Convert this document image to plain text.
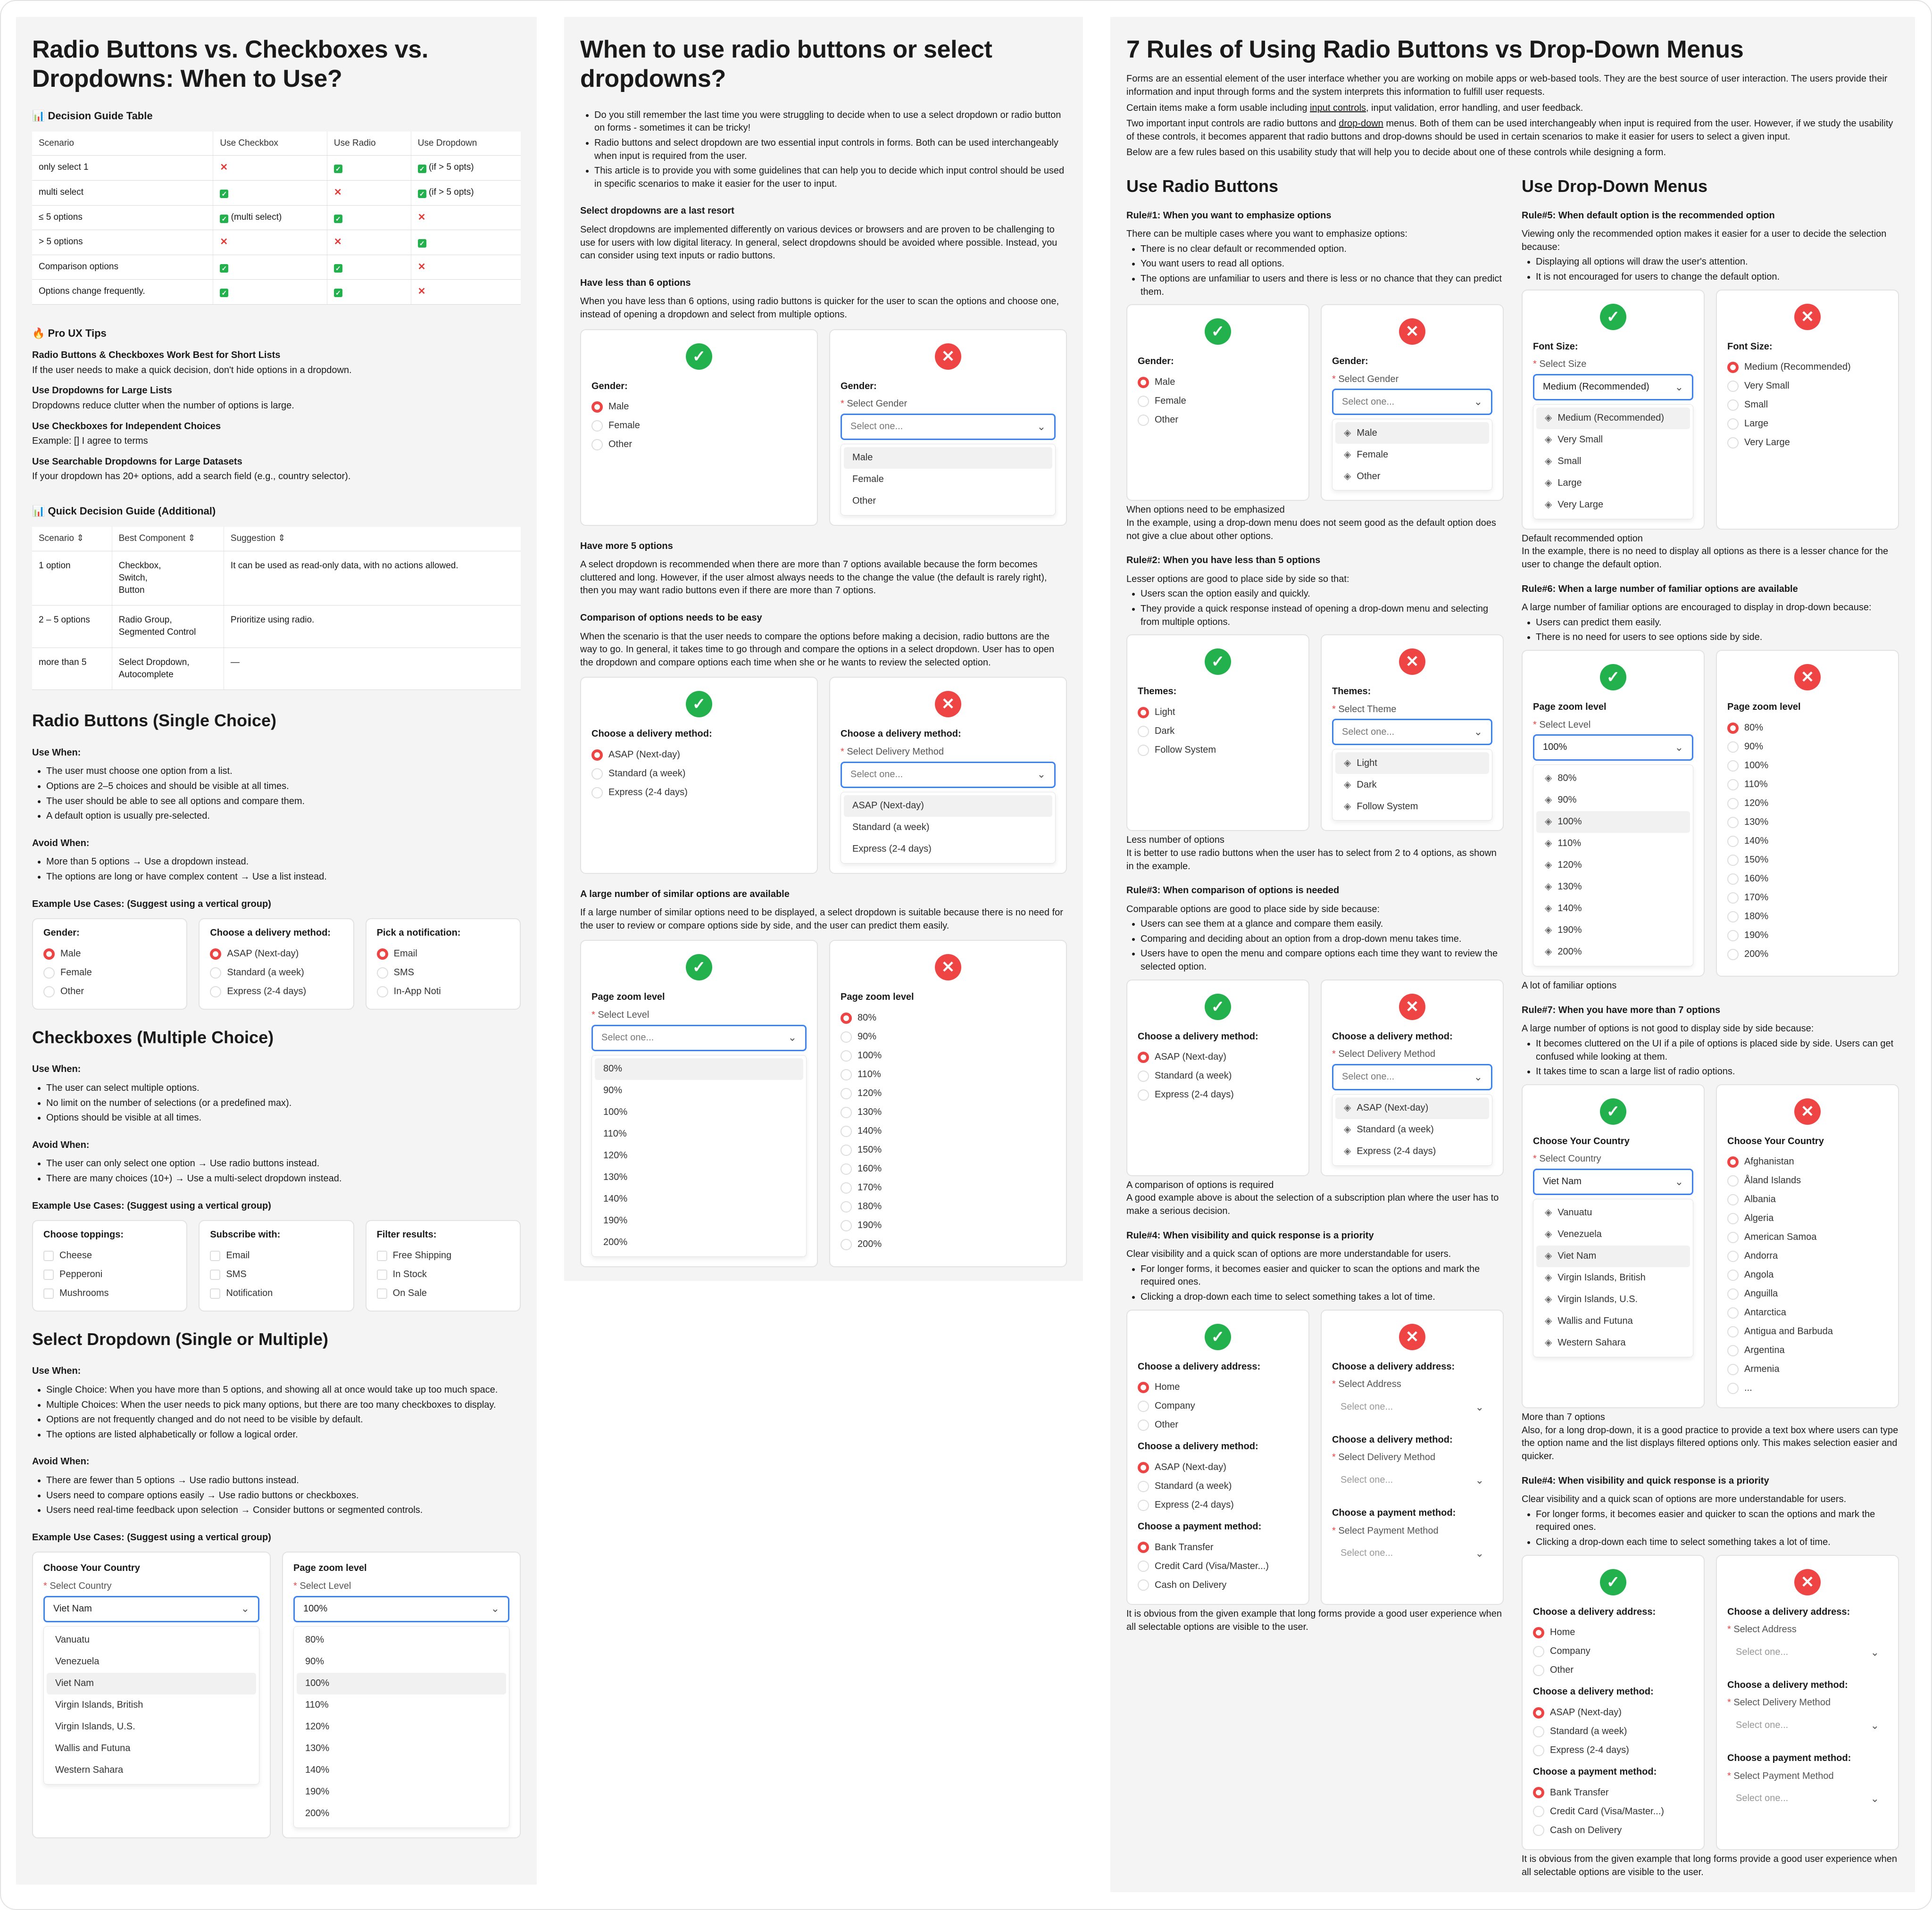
Radio Buttons vs. Checkboxes vs. Dropdowns: When to Use?
📊 Decision Guide Table
Scenario	Use Checkbox	Use Radio	Use Dropdown
only select 1	✕	✓	✓ (if > 5 opts)
multi select	✓	✕	✓ (if > 5 opts)
≤ 5 options	✓ (multi select)	✓	✕
> 5 options	✕	✕	✓
Comparison options	✓	✓	✕
Options change frequently.	✓	✓	✕
🔥 Pro UX Tips

Radio Buttons & Checkboxes Work Best for Short Lists

If the user needs to make a quick decision, don't hide options in a dropdown.

Use Dropdowns for Large Lists

Dropdowns reduce clutter when the number of options is large.

Use Checkboxes for Independent Choices

Example: [] I agree to terms

Use Searchable Dropdowns for Large Datasets

If your dropdown has 20+ options, add a search field (e.g., country selector).

📊 Quick Decision Guide (Additional)
Scenario ⇕	Best Component ⇕	Suggestion ⇕
1 option	Checkbox,
Switch,
Button	It can be used as read-only data, with no actions allowed.
2 – 5 options	Radio Group,
Segmented Control	Prioritize using radio.
more than 5	Select Dropdown,
Autocomplete	—
Radio Buttons (Single Choice)
Use When:
• The user must choose one option from a list.
• Options are 2–5 choices and should be visible at all times.
• The user should be able to see all options and compare them.
• A default option is usually pre-selected.
Avoid When:
• More than 5 options → Use a dropdown instead.
• The options are long or have complex content → Use a list instead.
Example Use Cases: (Suggest using a vertical group)
Gender:
Male
Female
Other
Choose a delivery method:
ASAP (Next-day)
Standard (a week)
Express (2-4 days)
Pick a notification:
Email
SMS
In-App Noti
Checkboxes (Multiple Choice)
Use When:
• The user can select multiple options.
• No limit on the number of selections (or a predefined max).
• Options should be visible at all times.
Avoid When:
• The user can only select one option → Use radio buttons instead.
• There are many choices (10+) → Use a multi-select dropdown instead.
Example Use Cases: (Suggest using a vertical group)
Choose toppings:
Cheese
Pepperoni
Mushrooms
Subscribe with:
Email
SMS
Notification
Filter results:
Free Shipping
In Stock
On Sale
Select Dropdown (Single or Multiple)
Use When:
• Single Choice: When you have more than 5 options, and showing all at once would take up too much space.
• Multiple Choices: When the user needs to pick many options, but there are too many checkboxes to display.
• Options are not frequently changed and do not need to be visible by default.
• The options are listed alphabetically or follow a logical order.
Avoid When:
• There are fewer than 5 options → Use radio buttons instead.
• Users need to compare options easily → Use radio buttons or checkboxes.
• Users need real-time feedback upon selection → Consider buttons or segmented controls.
Example Use Cases: (Suggest using a vertical group)
Choose Your Country
* Select Country
Viet Nam	⌄
Vanuatu
Venezuela
Viet Nam
Virgin Islands, British
Virgin Islands, U.S.
Wallis and Futuna
Western Sahara
Page zoom level
* Select Level
100%	⌄
80%
90%
100%
110%
120%
130%
140%
190%
200%
When to use radio buttons or select dropdowns?
• Do you still remember the last time you were struggling to decide when to use a select dropdown or radio button on forms - sometimes it can be tricky!
• Radio buttons and select dropdown are two essential input controls in forms. Both can be used interchangeably when input is required from the user.
• This article is to provide you with some guidelines that can help you to decide which input control should be used in specific scenarios to make it easier for the user to input.
Select dropdowns are a last resort

Select dropdowns are implemented differently on various devices or browsers and are proven to be challenging to use for users with low digital literacy. In general, select dropdowns should be avoided where possible. Instead, you can consider using text inputs or radio buttons.

Have less than 6 options

When you have less than 6 options, using radio buttons is quicker for the user to scan the options and choose one, instead of opening a dropdown and select from multiple options.

✓
Gender:
Male
Female
Other
✕
Gender:
* Select Gender
Select one...	⌄
Male
Female
Other
Have more 5 options

A select dropdown is recommended when there are more than 7 options available because the form becomes cluttered and long. However, if the user almost always needs to the change the value (the default is rarely right), then you may want radio buttons even if there are more than 7 options.

Comparison of options needs to be easy

When the scenario is that the user needs to compare the options before making a decision, radio buttons are the way to go. In general, it takes time to go through and compare the options in a select dropdown. User has to open the dropdown and compare options each time when she or he wants to review the selected option.

✓
Choose a delivery method:
ASAP (Next-day)
Standard (a week)
Express (2-4 days)
✕
Choose a delivery method:
* Select Delivery Method
Select one...	⌄
ASAP (Next-day)
Standard (a week)
Express (2-4 days)
A large number of similar options are available

If a large number of similar options need to be displayed, a select dropdown is suitable because there is no need for the user to review or compare options side by side, and the user can predict them easily.

✓
Page zoom level
* Select Level
Select one...	⌄
80%
90%
100%
110%
120%
130%
140%
190%
200%
✕
Page zoom level
80%
90%
100%
110%
120%
130%
140%
150%
160%
170%
180%
190%
200%
7 Rules of Using Radio Buttons vs Drop-Down Menus

Forms are an essential element of the user interface whether you are working on mobile apps or web-based tools. They are the best source of user interaction. The users provide their information and input through forms and the system interprets this information to fulfill user requests.

Certain items make a form usable including input controls, input validation, error handling, and user feedback.

Two important input controls are radio buttons and drop-down menus. Both of them can be used interchangeably when input is required from the user. However, if we study the usability of these controls, it becomes apparent that radio buttons and drop-downs should be used in certain scenarios to make it easier for users to select a given input.

Below are a few rules based on this usability study that will help you to decide about one of these controls while designing a form.

Use Radio Buttons
Rule#1: When you want to emphasize options

There can be multiple cases where you want to emphasize options:

• There is no clear default or recommended option.
• You want users to read all options.
• The options are unfamiliar to users and there is less or no chance that they can predict them.
✓
Gender:
Male
Female
Other
✕
Gender:
* Select Gender
Select one...	⌄
◈
Male
◈
Female
◈
Other

When options need to be emphasized

In the example, using a drop-down menu does not seem good as the default option does not give a clue about other options.

Rule#2: When you have less than 5 options

Lesser options are good to place side by side so that:

• Users scan the option easily and quickly.
• They provide a quick response instead of opening a drop-down menu and selecting from multiple options.
✓
Themes:
Light
Dark
Follow System
✕
Themes:
* Select Theme
Select one...	⌄
◈
Light
◈
Dark
◈
Follow System

Less number of options

It is better to use radio buttons when the user has to select from 2 to 4 options, as shown in the example.

Rule#3: When comparison of options is needed

Comparable options are good to place side by side because:

• Users can see them at a glance and compare them easily.
• Comparing and deciding about an option from a drop-down menu takes time.
• Users have to open the menu and compare options each time they want to review the selected option.
✓
Choose a delivery method:
ASAP (Next-day)
Standard (a week)
Express (2-4 days)
✕
Choose a delivery method:
* Select Delivery Method
Select one...	⌄
◈
ASAP (Next-day)
◈
Standard (a week)
◈
Express (2-4 days)

A comparison of options is required

A good example above is about the selection of a subscription plan where the user has to make a serious decision.

Rule#4: When visibility and quick response is a priority

Clear visibility and a quick scan of options are more understandable for users.

• For longer forms, it becomes easier and quicker to scan the options and mark the required ones.
• Clicking a drop-down each time to select something takes a lot of time.
✓
Choose a delivery address:
Home
Company
Other
Choose a delivery method:
ASAP (Next-day)
Standard (a week)
Express (2-4 days)
Choose a payment method:
Bank Transfer
Credit Card (Visa/Master...)
Cash on Delivery
✕
Choose a delivery address:
* Select Address
Select one...	⌄
Choose a delivery method:
* Select Delivery Method
Select one...	⌄
Choose a payment method:
* Select Payment Method
Select one...	⌄

It is obvious from the given example that long forms provide a good user experience when all selectable options are visible to the user.

Use Drop-Down Menus
Rule#5: When default option is the recommended option

Viewing only the recommended option makes it easier for a user to decide the selection because:

• Displaying all options will draw the user's attention.
• It is not encouraged for users to change the default option.
✓
Font Size:
* Select Size
Medium (Recommended) ⌄
◈
Medium (Recommended)
◈
Very Small
◈
Small
◈
Large
◈
Very Large
✕
Font Size:
Medium (Recommended)
Very Small
Small
Large
Very Large

Default recommended option

In the example, there is no need to display all options as there is a lesser chance for the user to change the default option.

Rule#6: When a large number of familiar options are available

A large number of familiar options are encouraged to display in drop-down because:

• Users can predict them easily.
• There is no need for users to see options side by side.
✓
Page zoom level
* Select Level
100%	⌄
◈
80%
◈
90%
◈
100%
◈
110%
◈
120%
◈
130%
◈
140%
◈
190%
◈
200%
✕
Page zoom level
80%
90%
100%
110%
120%
130%
140%
150%
160%
170%
180%
190%
200%

A lot of familiar options

Rule#7: When you have more than 7 options

A large number of options is not good to display side by side because:

• It becomes cluttered on the UI if a pile of options is placed side by side. Users can get confused while looking at them.
• It takes time to scan a large list of radio options.
✓
Choose Your Country
* Select Country
Viet Nam	⌄
◈
Vanuatu
◈
Venezuela
◈
Viet Nam
◈
Virgin Islands, British
◈
Virgin Islands, U.S.
◈
Wallis and Futuna
◈
Western Sahara
✕
Choose Your Country
Afghanistan
Åland Islands
Albania
Algeria
American Samoa
Andorra
Angola
Anguilla
Antarctica
Antigua and Barbuda
Argentina
Armenia
...

More than 7 options

Also, for a long drop-down, it is a good practice to provide a text box where users can type the option name and the list displays filtered options only. This makes selection easier and quicker.

Rule#4: When visibility and quick response is a priority

Clear visibility and a quick scan of options are more understandable for users.

• For longer forms, it becomes easier and quicker to scan the options and mark the required ones.
• Clicking a drop-down each time to select something takes a lot of time.
✓
Choose a delivery address:
Home
Company
Other
Choose a delivery method:
ASAP (Next-day)
Standard (a week)
Express (2-4 days)
Choose a payment method:
Bank Transfer
Credit Card (Visa/Master...)
Cash on Delivery
✕
Choose a delivery address:
* Select Address
Select one...	⌄
Choose a delivery method:
* Select Delivery Method
Select one...	⌄
Choose a payment method:
* Select Payment Method
Select one...	⌄

It is obvious from the given example that long forms provide a good user experience when all selectable options are visible to the user.
